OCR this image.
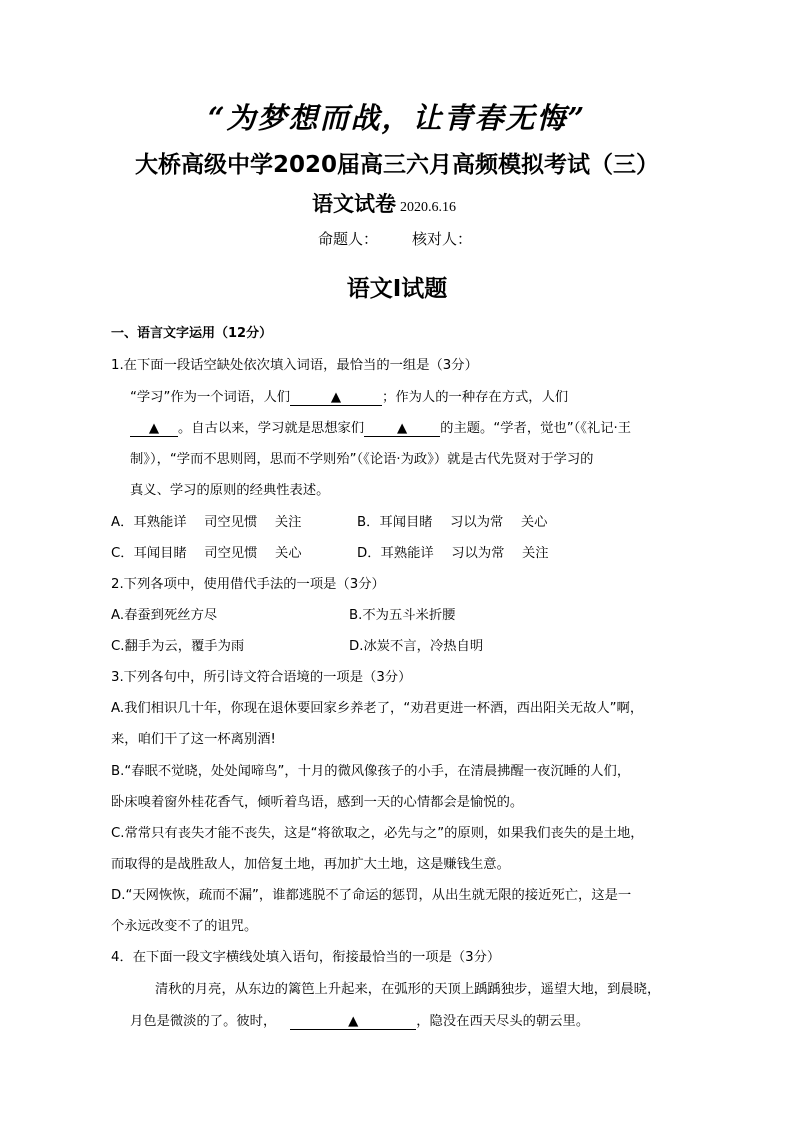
“为梦想而战，让青春无悔”
大桥高级中学2020届高三六月高频模拟考试（三）
语文试卷 2020.6.16
命题人： 核对人：
语文Ⅰ试题
一、语言文字运用（12分）
1.在下面一段话空缺处依次填入词语，最恰当的一组是（3分）
“学习”作为一个词语，人们	▲	；作为人的一种存在方式，人们
▲ 。自古以来，学习就是思想家们 ▲ 的主题。“学者，觉也”（《礼记·王
制》），“学而不思则罔，思而不学则殆”（《论语·为政》）就是古代先贤对于学习的
真义、学习的原则的经典性表述。
A．耳熟能详　 司空见惯　 关注	B．耳闻目睹　 习以为常　 关心
C．耳闻目睹　 司空见惯　 关心	D．耳熟能详　 习以为常　 关注
2.下列各项中，使用借代手法的一项是（3分）
A.春蚕到死丝方尽	B.不为五斗米折腰
C.翻手为云，覆手为雨	D.冰炭不言，冷热自明
3.下列各句中，所引诗文符合语境的一项是（3分）
A.我们相识几十年，你现在退休要回家乡养老了，“劝君更进一杯酒，西出阳关无故人”啊，
来，咱们干了这一杯离别酒!
B.“春眠不觉晓，处处闻啼鸟”，十月的微风像孩子的小手，在清晨拂醒一夜沉睡的人们，
卧床嗅着窗外桂花香气，倾听着鸟语，感到一天的心情都会是愉悦的。
C.常常只有丧失才能不丧失，这是“将欲取之，必先与之”的原则，如果我们丧失的是土地，
而取得的是战胜敌人，加倍复土地，再加扩大土地，这是赚钱生意。
D.“天网恢恢，疏而不漏”，谁都逃脱不了命运的惩罚，从出生就无限的接近死亡，这是一
个永远改变不了的诅咒。
4．在下面一段文字横线处填入语句，衔接最恰当的一项是（3分）
清秋的月亮，从东边的篱笆上升起来，在弧形的天顶上踽踽独步，遥望大地，到晨晓，
月色是微淡的了。彼时，	▲	，隐没在西天尽头的朝云里。
